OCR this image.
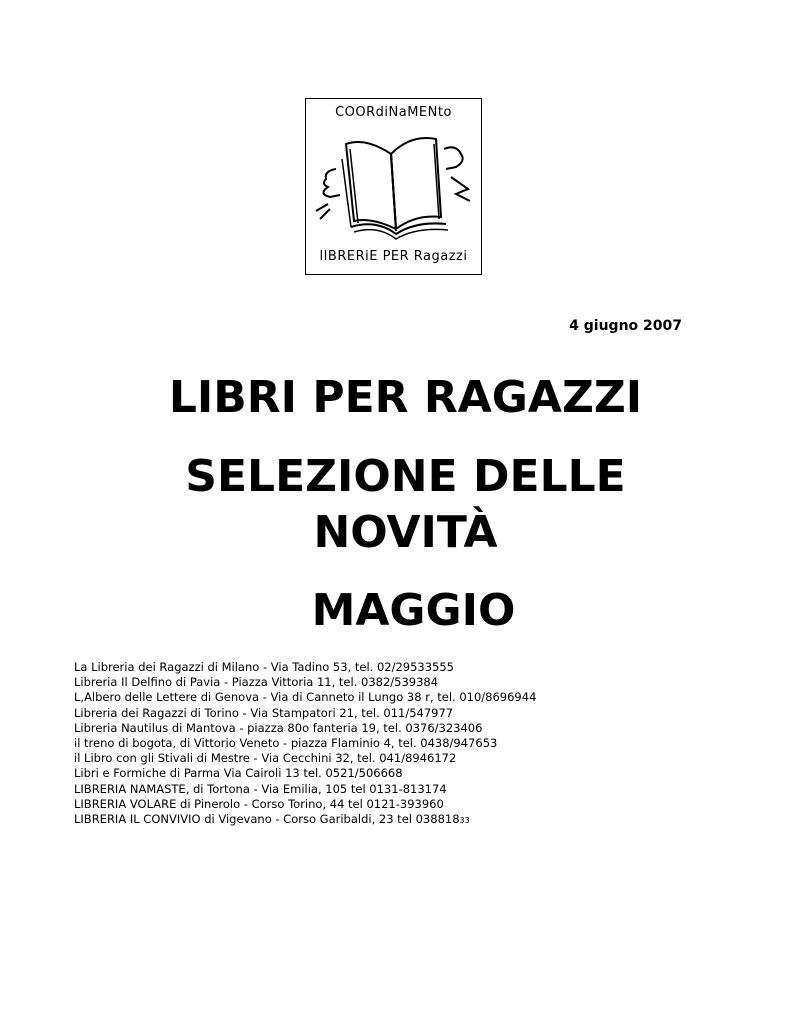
COORdiNaMENto
lIBRERiE PER Ragazzi
4 giugno 2007
LIBRI PER RAGAZZI
SELEZIONE DELLE
NOVITÀ
MAGGIO
La Libreria dei Ragazzi di Milano - Via Tadino 53, tel. 02/29533555
Libreria Il Delfino di Pavia - Piazza Vittoria 11, tel. 0382/539384
L,Albero delle Lettere di Genova - Via di Canneto il Lungo 38 r, tel. 010/8696944
Libreria dei Ragazzi di Torino - Via Stampatori 21, tel. 011/547977
Libreria Nautilus di Mantova - piazza 80o fanteria 19, tel. 0376/323406
il treno di bogota, di Vittorio Veneto - piazza Flaminio 4, tel. 0438/947653
il Libro con gli Stivali di Mestre - Via Cecchini 32, tel. 041/8946172
Libri e Formiche di Parma Via Cairoli 13 tel. 0521/506668
LIBRERIA NAMASTE, di Tortona - Via Emilia, 105 tel 0131-813174
LIBRERIA VOLARE di Pinerolo - Corso Torino, 44 tel 0121-393960
LIBRERIA IL CONVIVIO di Vigevano - Corso Garibaldi, 23 tel 03881833
